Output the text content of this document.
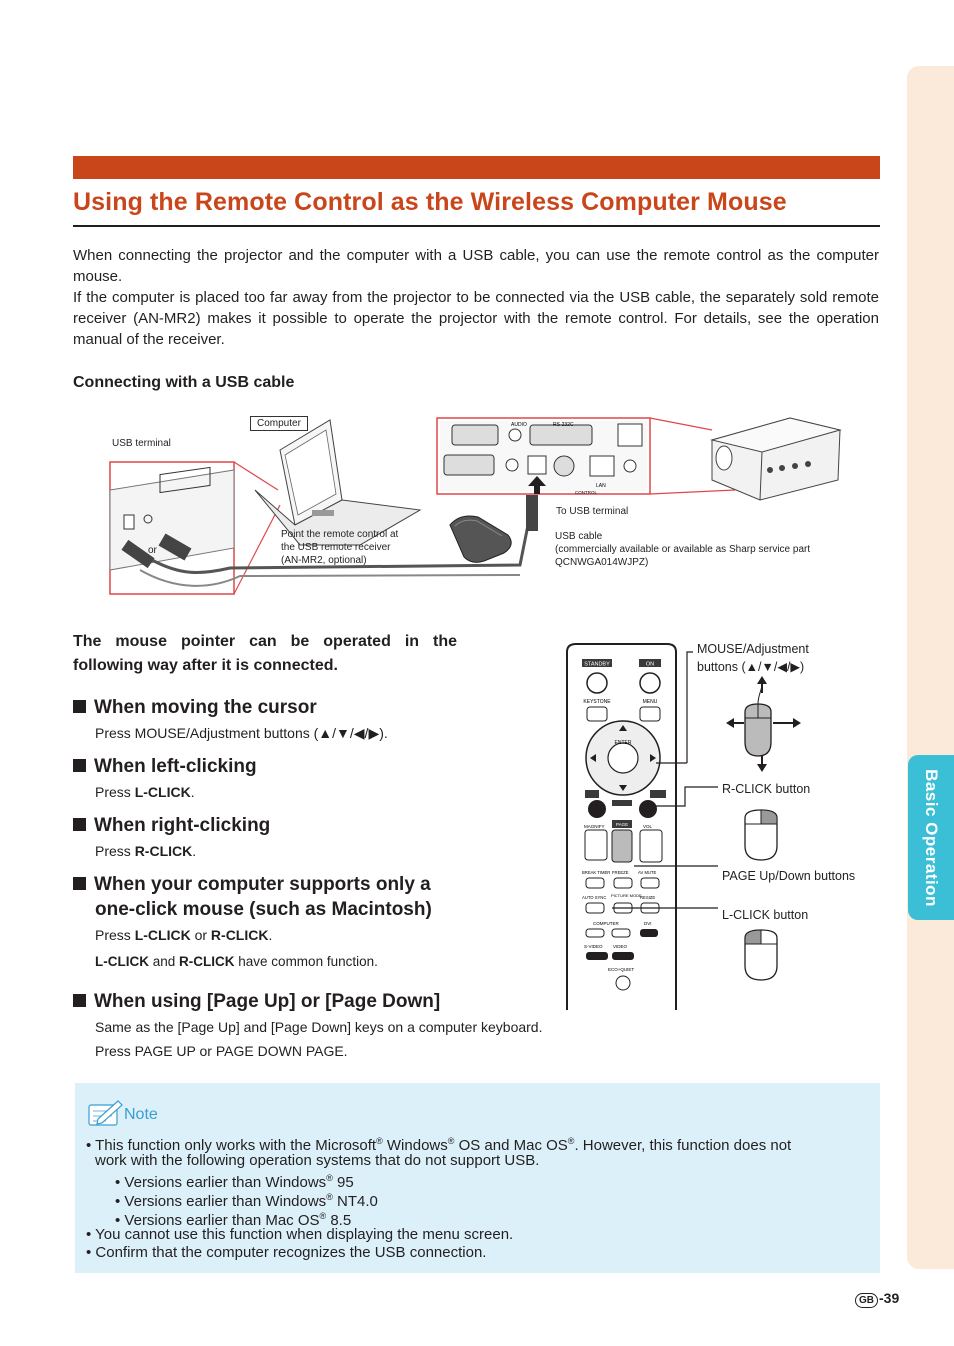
Basic Operation
Using the Remote Control as the Wireless Computer Mouse

When connecting the projector and the computer with a USB cable, you can use the remote control as the computer mouse.

If the computer is placed too far away from the projector to be connected via the USB cable, the separately sold remote receiver (AN-MR2) makes it possible to operate the projector with the remote control. For details, see the operation manual of the receiver.

Connecting with a USB cable
AUDIO	RS-232C
LAN
CONTROL
USB terminal
Computer
or
Point the remote control at
the USB remote receiver
(AN-MR2, optional)
To USB terminal
USB cable
(commercially available or available as Sharp service part
QCNWGA014WJPZ)
The mouse pointer can be operated in the following way after it is connected.
When moving the cursor
Press MOUSE/Adjustment buttons (▲/▼/◀/▶).
When left-clicking
Press L-CLICK.
When right-clicking
Press R-CLICK.
When your computer supports only a
one-click mouse (such as Macintosh)
Press L-CLICK or R-CLICK.
L-CLICK and R-CLICK have common function.
When using [Page Up] or [Page Down]
Same as the [Page Up] and [Page Down] keys on a computer keyboard.
Press PAGE UP or PAGE DOWN PAGE.
STANDBY	ON
KEYSTONE	MENU
ENTER
MAGNIFY	PAGE	VOL
BREAK TIMER FREEZE AV MUTE
AUTO SYNC PICTURE MODE
RESIZE
COMPUTER	DVI
S-VIDEO VIDEO
ECO+QUIET
MOUSE/Adjustment
buttons (▲/▼/◀/▶)
R-CLICK button
PAGE Up/Down buttons
L-CLICK button
Note
• This function only works with the Microsoft® Windows® OS and Mac OS®. However, this function does not
work with the following operation systems that do not support USB.
• Versions earlier than Windows® 95
• Versions earlier than Windows® NT4.0
• Versions earlier than Mac OS® 8.5
• You cannot use this function when displaying the menu screen.
• Confirm that the computer recognizes the USB connection.
GB -39
